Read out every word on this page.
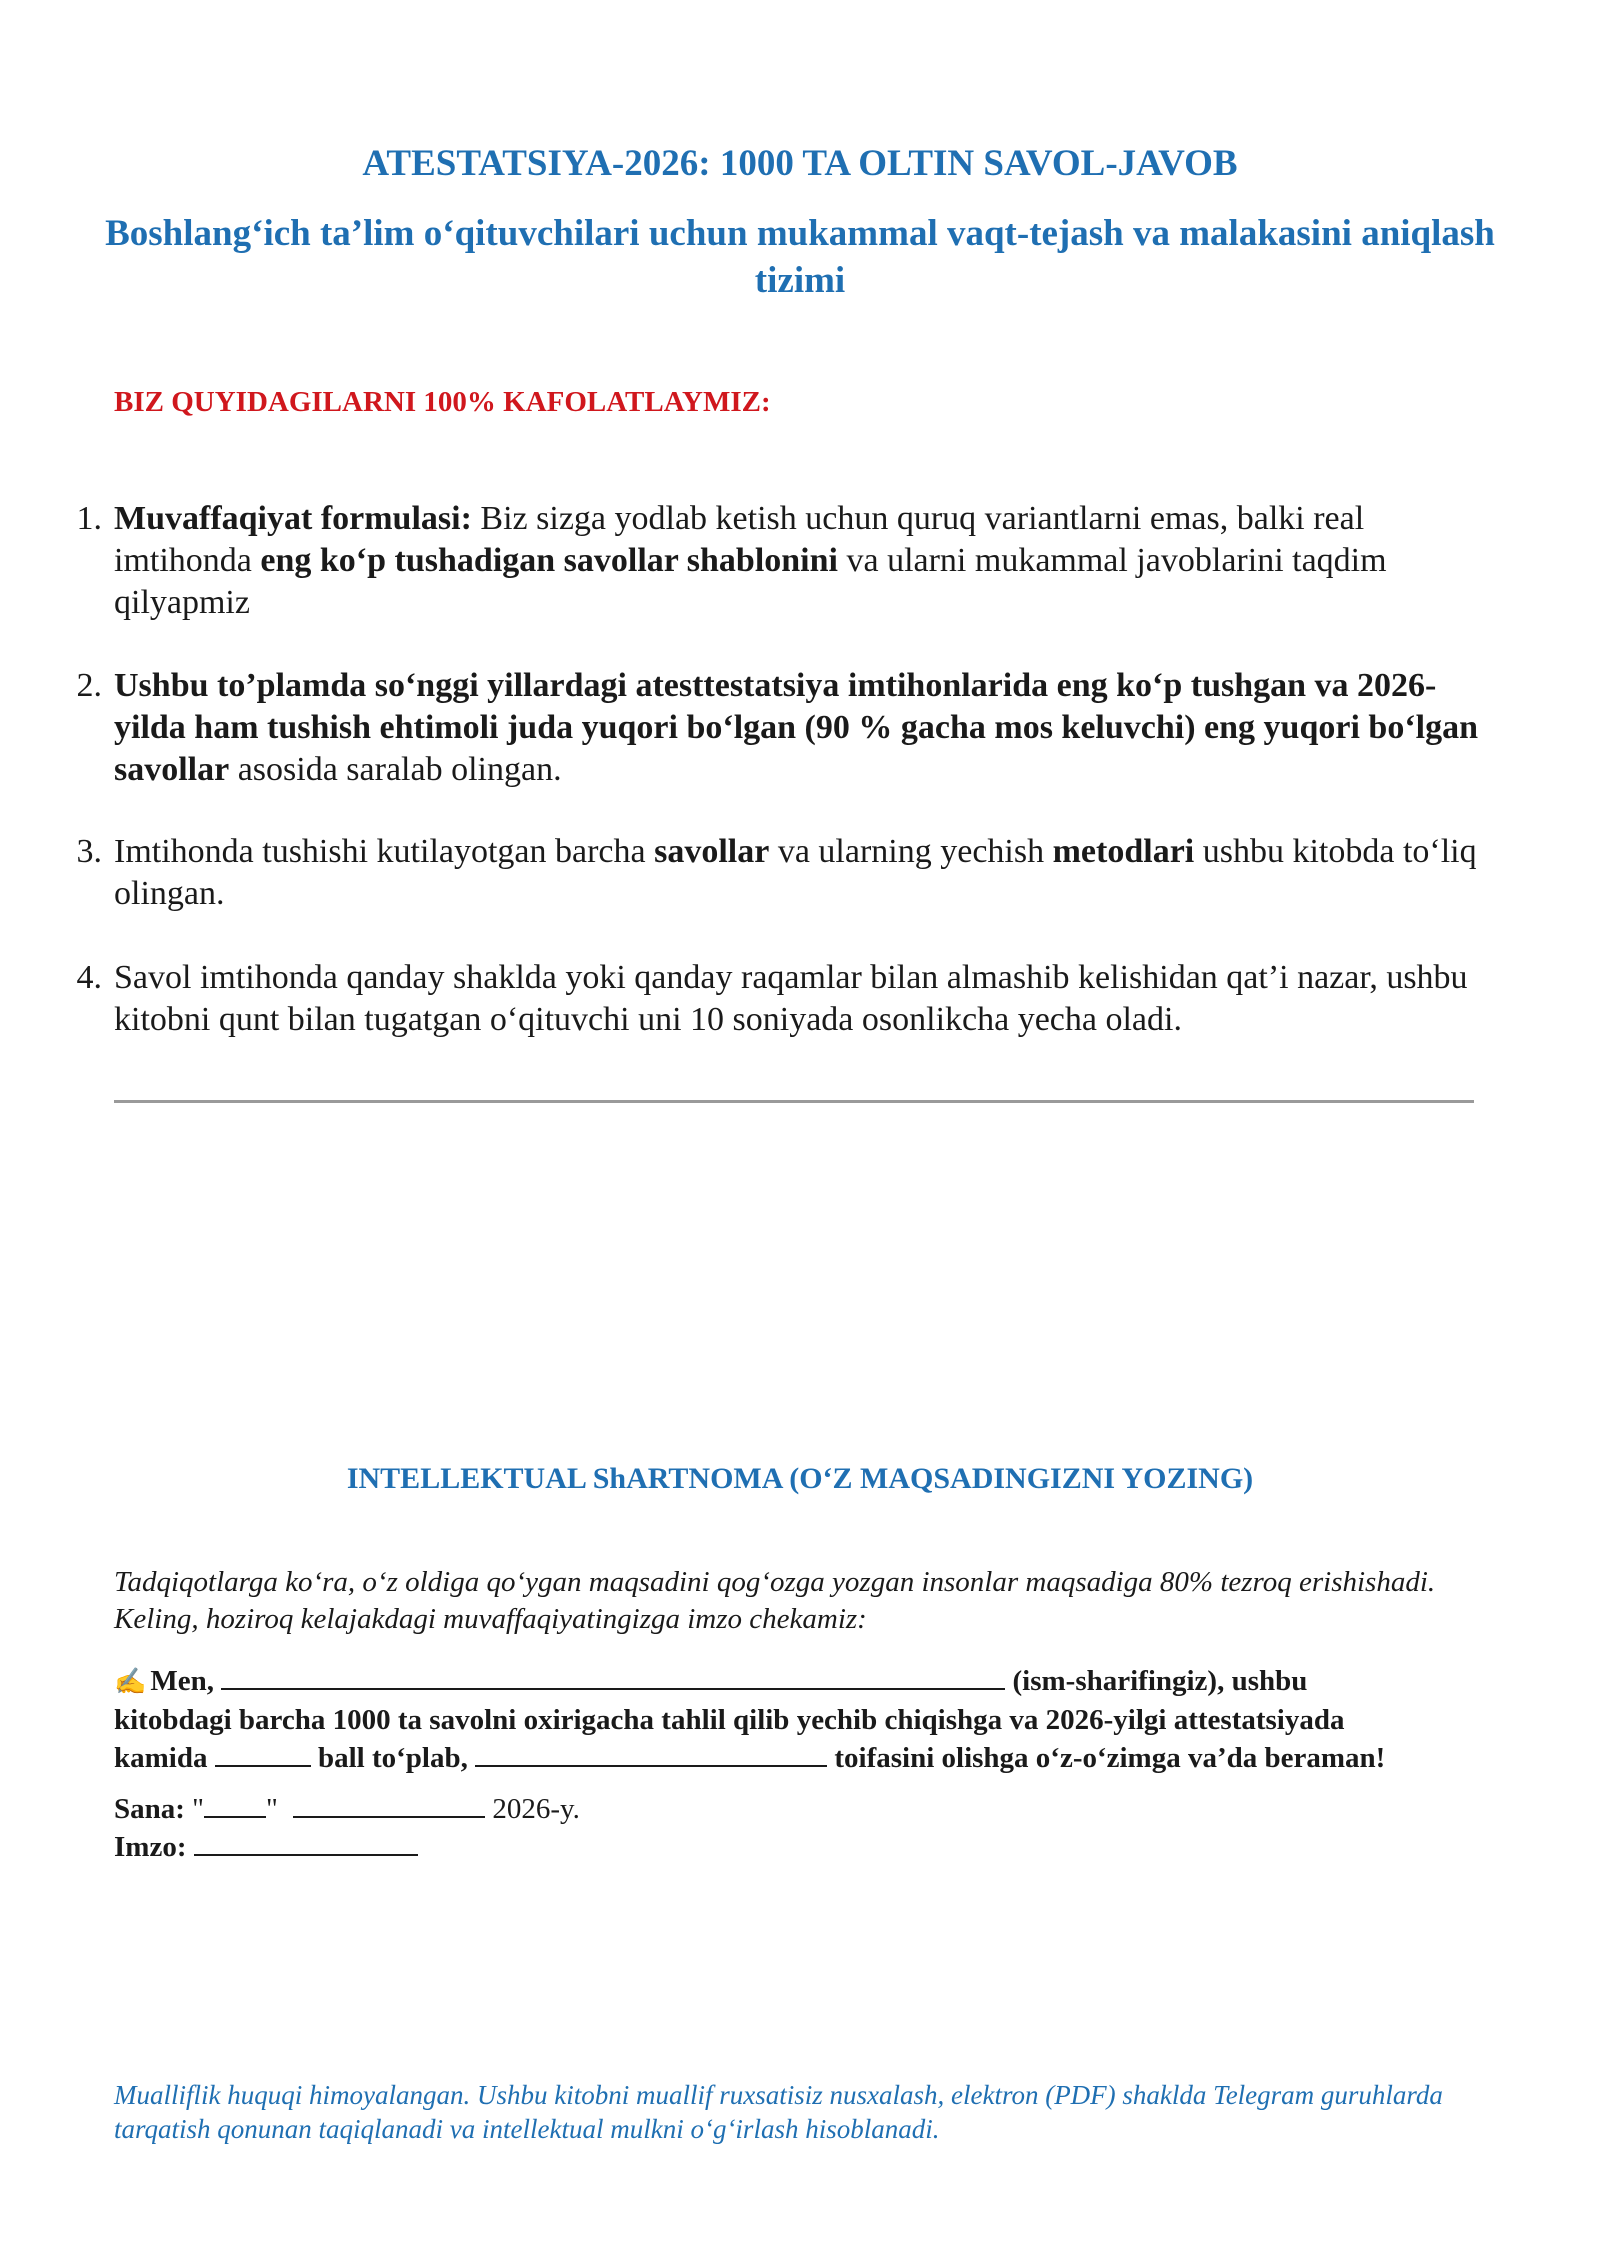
ATESTATSIYA-2026: 1000 TA OLTIN SAVOL-JAVOB
Boshlang‘ich ta’lim o‘qituvchilari uchun mukammal vaqt-tejash va malakasini aniqlash tizimi

BIZ QUYIDAGILARNI 100% KAFOLATLAYMIZ:

1. Muvaffaqiyat formulasi: Biz sizga yodlab ketish uchun quruq variantlarni emas, balki real imtihonda eng ko‘p tushadigan savollar shablonini va ularni mukammal javoblarini taqdim qilyapmiz
2. Ushbu to’plamda so‘nggi yillardagi atesttestatsiya imtihonlarida eng ko‘p tushgan va 2026-yilda ham tushish ehtimoli juda yuqori bo‘lgan (90 % gacha mos keluvchi) eng yuqori bo‘lgan savollar asosida saralab olingan.
3. Imtihonda tushishi kutilayotgan barcha savollar va ularning yechish metodlari ushbu kitobda to‘liq olingan.
4. Savol imtihonda qanday shaklda yoki qanday raqamlar bilan almashib kelishidan qat’i nazar, ushbu kitobni qunt bilan tugatgan o‘qituvchi uni 10 soniyada osonlikcha yecha oladi.
INTELLEKTUAL ShARTNOMA (O‘Z MAQSADINGIZNI YOZING)

Tadqiqotlarga ko‘ra, o‘z oldiga qo‘ygan maqsadini qog‘ozga yozgan insonlar maqsadiga 80% tezroq erishishadi. Keling, hoziroq kelajakdagi muvaffaqiyatingizga imzo chekamiz:

✍ Men,	(ism-sharifingiz), ushbu
kitobdagi barcha 1000 ta savolni oxirigacha tahlil qilib yechib chiqishga va 2026-yilgi attestatsiyada
kamida	ball to‘plab,	toifasini olishga o‘z-o‘zimga va’da beraman!
Sana: " "	2026-y.
Imzo:

Mualliflik huquqi himoyalangan. Ushbu kitobni muallif ruxsatisiz nusxalash, elektron (PDF) shaklda Telegram guruhlarda tarqatish qonunan taqiqlanadi va intellektual mulkni o‘g‘irlash hisoblanadi.
